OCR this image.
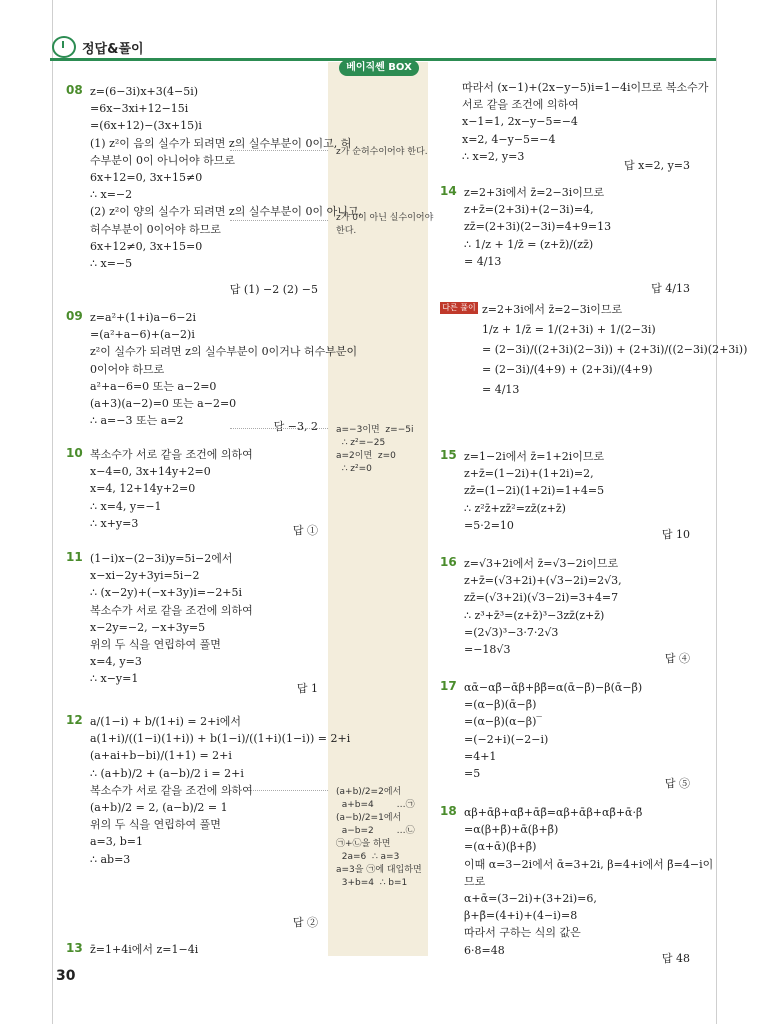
정답&풀이
베이직쎈 BOX
08 z=(6−3i)x+3(4−5i)
=6x−3xi+12−15i
=(6x+12)−(3x+15)i
(1) z²이 음의 실수가 되려면 z의 실수부분이 0이고, 허
수부분이 0이 아니어야 하므로
6x+12=0, 3x+15≠0
∴ x=−2
(2) z²이 양의 실수가 되려면 z의 실수부분이 0이 아니고,
허수부분이 0이어야 하므로
6x+12≠0, 3x+15=0
∴ x=−5
답 (1) −2 (2) −5
09 z=a²+(1+i)a−6−2i
=(a²+a−6)+(a−2)i
z²이 실수가 되려면 z의 실수부분이 0이거나 허수부분이
0이어야 하므로
a²+a−6=0 또는 a−2=0
(a+3)(a−2)=0 또는 a−2=0
∴ a=−3 또는 a=2	답 −3, 2
10 복소수가 서로 같을 조건에 의하여
x−4=0, 3x+14y+2=0
x=4, 12+14y+2=0
∴ x=4, y=−1
∴ x+y=3
답 ①
11 (1−i)x−(2−3i)y=5i−2에서
x−xi−2y+3yi=5i−2
∴ (x−2y)+(−x+3y)i=−2+5i
복소수가 서로 같을 조건에 의하여
x−2y=−2, −x+3y=5
위의 두 식을 연립하여 풀면
x=4, y=3
∴ x−y=1
답 1
12 a/(1−i) + b/(1+i) = 2+i에서
a(1+i)/((1−i)(1+i)) + b(1−i)/((1+i)(1−i)) = 2+i
(a+ai+b−bi)/(1+1) = 2+i
∴ (a+b)/2 + (a−b)/2 i = 2+i
복소수가 서로 같을 조건에 의하여
(a+b)/2 = 2, (a−b)/2 = 1
위의 두 식을 연립하여 풀면
a=3, b=1
∴ ab=3
답 ②
13 z̄=1+4i에서 z=1−4i
따라서 (x−1)+(2x−y−5)i=1−4i이므로 복소수가
서로 같을 조건에 의하여
x−1=1, 2x−y−5=−4
x=2, 4−y−5=−4
∴ x=2, y=3
답 x=2, y=3
14 z=2+3i에서 z̄=2−3i이므로
z+z̄=(2+3i)+(2−3i)=4,
zz̄=(2+3i)(2−3i)=4+9=13
∴ 1/z + 1/z̄ = (z+z̄)/(zz̄)
= 4/13
답 4/13
z=2+3i에서 z̄=2−3i이므로
1/z + 1/z̄ = 1/(2+3i) + 1/(2−3i)
= (2−3i)/((2+3i)(2−3i)) + (2+3i)/((2−3i)(2+3i))
= (2−3i)/(4+9) + (2+3i)/(4+9)
= 4/13
15 z=1−2i에서 z̄=1+2i이므로
z+z̄=(1−2i)+(1+2i)=2,
zz̄=(1−2i)(1+2i)=1+4=5
∴ z²z̄+zz̄²=zz̄(z+z̄)
=5·2=10
답 10
16 z=√3+2i에서 z̄=√3−2i이므로
z+z̄=(√3+2i)+(√3−2i)=2√3,
zz̄=(√3+2i)(√3−2i)=3+4=7
∴ z³+z̄³=(z+z̄)³−3zz̄(z+z̄)
=(2√3)³−3·7·2√3
=−18√3
답 ④
17 αᾱ−αβ̄−ᾱβ+ββ̄=α(ᾱ−β̄)−β(ᾱ−β̄)
=(α−β)(ᾱ−β̄)
=(α−β)(α−β)‾
=(−2+i)(−2−i)
=4+1
=5
답 ⑤
18 αβ+ᾱβ+αβ̄+ᾱβ̄=αβ+ᾱβ+αβ̄+ᾱ·β̄
=α(β+β̄)+ᾱ(β+β̄)
=(α+ᾱ)(β+β̄)
이때 α=3−2i에서 ᾱ=3+2i, β=4+i에서 β̄=4−i이
므로
α+ᾱ=(3−2i)+(3+2i)=6,
β+β̄=(4+i)+(4−i)=8
따라서 구하는 식의 값은
6·8=48
답 48
z가 순허수이어야 한다.
z가 0이 아닌 실수이어야
한다.
a=−3이면  z=−5i
∴ z²=−25
a=2이면  z=0
∴ z²=0
(a+b)/2=2에서
a+b=4        …㉠
(a−b)/2=1에서
a−b=2        …㉡
㉠+㉡을 하면
2a=6  ∴ a=3
a=3을 ㉠에 대입하면
3+b=4  ∴ b=1
다른 풀이
30
